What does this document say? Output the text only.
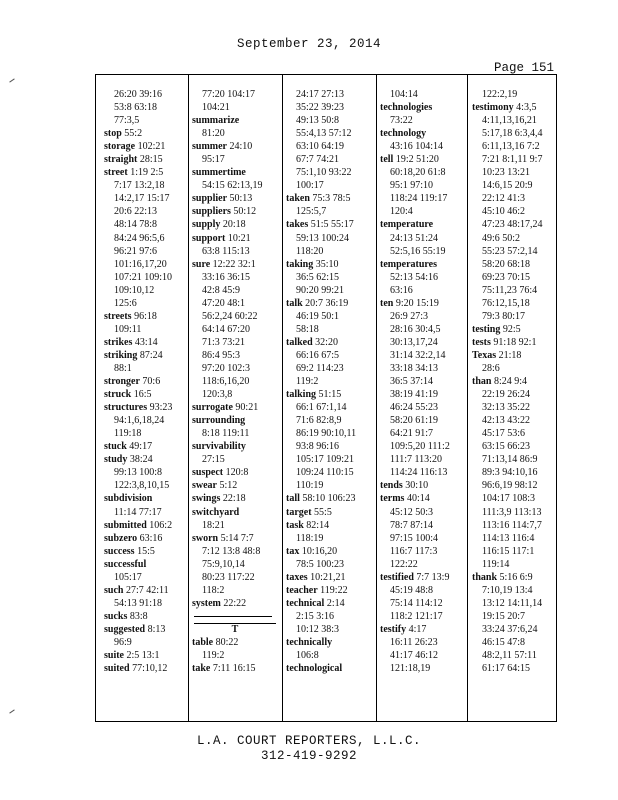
September 23, 2014
Page 151
26:20 39:16
53:8 63:18
77:3,5
stop 55:2
storage 102:21
straight 28:15
street 1:19 2:5
7:17 13:2,18
14:2,17 15:17
20:6 22:13
48:14 78:8
84:24 96:5,6
96:21 97:6
101:16,17,20
107:21 109:10
109:10,12
125:6
streets 96:18
109:11
strikes 43:14
striking 87:24
88:1
stronger 70:6
struck 16:5
structures 93:23
94:1,6,18,24
119:18
stuck 49:17
study 38:24
99:13 100:8
122:3,8,10,15
subdivision
11:14 77:17
submitted 106:2
subzero 63:16
success 15:5
successful
105:17
such 27:7 42:11
54:13 91:18
sucks 83:8
suggested 8:13
96:9
suite 2:5 13:1
suited 77:10,12
77:20 104:17
104:21
summarize
81:20
summer 24:10
95:17
summertime
54:15 62:13,19
supplier 50:13
suppliers 50:12
supply 20:18
support 10:21
63:8 115:13
sure 12:22 32:1
33:16 36:15
42:8 45:9
47:20 48:1
56:2,24 60:22
64:14 67:20
71:3 73:21
86:4 95:3
97:20 102:3
118:6,16,20
120:3,8
surrogate 90:21
surrounding
8:18 119:11
survivability
27:15
suspect 120:8
swear 5:12
swings 22:18
switchyard
18:21
sworn 5:14 7:7
7:12 13:8 48:8
75:9,10,14
80:23 117:22
118:2
system 22:22
T
table 80:22
119:2
take 7:11 16:15
24:17 27:13
35:22 39:23
49:13 50:8
55:4,13 57:12
63:10 64:19
67:7 74:21
75:1,10 93:22
100:17
taken 75:3 78:5
125:5,7
takes 51:5 55:17
59:13 100:24
118:20
taking 35:10
36:5 62:15
90:20 99:21
talk 20:7 36:19
46:19 50:1
58:18
talked 32:20
66:16 67:5
69:2 114:23
119:2
talking 51:15
66:1 67:1,14
71:6 82:8,9
86:19 90:10,11
93:8 96:16
105:17 109:21
109:24 110:15
110:19
tall 58:10 106:23
target 55:5
task 82:14
118:19
tax 10:16,20
78:5 100:23
taxes 10:21,21
teacher 119:22
technical 2:14
2:15 3:16
10:12 38:3
technically
106:8
technological
104:14
technologies
73:22
technology
43:16 104:14
tell 19:2 51:20
60:18,20 61:8
95:1 97:10
118:24 119:17
120:4
temperature
24:13 51:24
52:5,16 55:19
temperatures
52:13 54:16
63:16
ten 9:20 15:19
26:9 27:3
28:16 30:4,5
30:13,17,24
31:14 32:2,14
33:18 34:13
36:5 37:14
38:19 41:19
46:24 55:23
58:20 61:19
64:21 91:7
109:5,20 111:2
111:7 113:20
114:24 116:13
tends 30:10
terms 40:14
45:12 50:3
78:7 87:14
97:15 100:4
116:7 117:3
122:22
testified 7:7 13:9
45:19 48:8
75:14 114:12
118:2 121:17
testify 4:17
16:11 26:23
41:17 46:12
121:18,19
122:2,19
testimony 4:3,5
4:11,13,16,21
5:17,18 6:3,4,4
6:11,13,16 7:2
7:21 8:1,11 9:7
10:23 13:21
14:6,15 20:9
22:12 41:3
45:10 46:2
47:23 48:17,24
49:6 50:2
55:23 57:2,14
58:20 68:18
69:23 70:15
75:11,23 76:4
76:12,15,18
79:3 80:17
testing 92:5
tests 91:18 92:1
Texas 21:18
28:6
than 8:24 9:4
22:19 26:24
32:13 35:22
42:13 43:22
45:17 53:6
63:15 66:23
71:13,14 86:9
89:3 94:10,16
96:6,19 98:12
104:17 108:3
111:3,9 113:13
113:16 114:7,7
114:13 116:4
116:15 117:1
119:14
thank 5:16 6:9
7:10,19 13:4
13:12 14:11,14
19:15 20:7
33:24 37:6,24
46:15 47:8
48:2,11 57:11
61:17 64:15
L.A. COURT REPORTERS, L.L.C.
312-419-9292
